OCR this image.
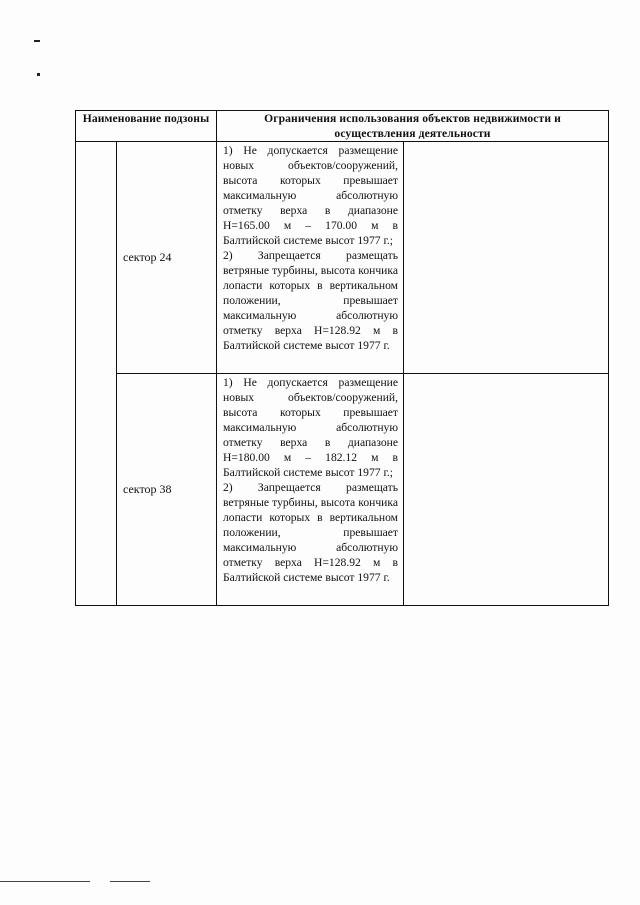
Наименование подзоны		Ограничения использования объектов недвижимости и осуществления деятельности	
	сектор 24	1) Не допускается размещение новых объектов/сооружений, высота которых превышает максимальную абсолютную отметку верха в диапазоне Н=165.00 м – 170.00 м в Балтийской системе высот 1977 г.;

2) Запрещается размещать ветряные турбины, высота кончика лопасти которых в вертикальном положении, превышает максимальную абсолютную отметку верха Н=128.92 м в Балтийской системе высот 1977 г.	

	сектор 38	1) Не допускается размещение новых объектов/сооружений, высота которых превышает максимальную абсолютную отметку верха в диапазоне Н=180.00 м – 182.12 м в Балтийской системе высот 1977 г.;

2) Запрещается размещать ветряные турбины, высота кончика лопасти которых в вертикальном положении, превышает максимальную абсолютную отметку верха Н=128.92 м в Балтийской системе высот 1977 г.	
